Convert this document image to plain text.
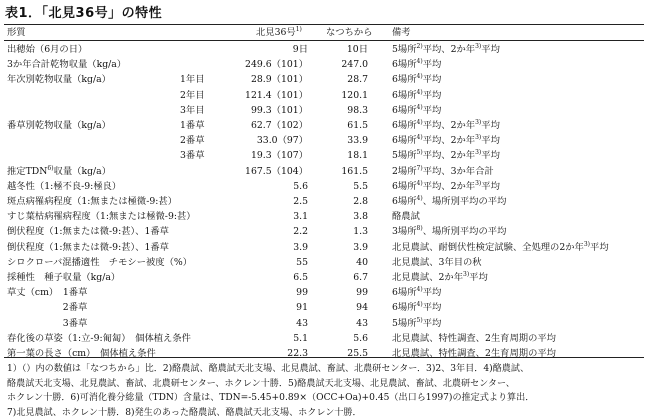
表1．「北見36号」の特性
形質	北見36号$^{1)}$	なつちから 備考
出穂始（6月の日）	9日	10日	5場所$^{2)}$平均、2か年$^{3)}$平均
3か年合計乾物収量（kg/a）	249.6（101）	247.0	6場所$^{4)}$平均
年次別乾物収量（kg/a）	1年目	28.9（101）	28.7	6場所$^{4)}$平均
2年目	121.4（101）	120.1	6場所$^{4)}$平均
3年目	99.3（101）	98.3	6場所$^{4)}$平均
番草別乾物収量（kg/a）	1番草	62.7（102）	61.5	6場所$^{4)}$平均、2か年$^{3)}$平均
2番草	33.0（97）	33.9	6場所$^{4)}$平均、2か年$^{3)}$平均
3番草	19.3（107）	18.1	5場所$^{5)}$平均、2か年$^{3)}$平均
推定TDN$^{6)}$収量（kg/a）	167.5（104）	161.5	2場所$^{7)}$平均、3か年合計
越冬性（1:極不良-9:極良）	5.6	5.5	6場所$^{4)}$平均、2か年$^{3)}$平均
斑点病罹病程度（1:無または極微-9:甚）	2.5	2.8	6場所$^{4)}$、場所別平均の平均
すじ葉枯病罹病程度（1:無または極微-9:甚）	3.1	3.8	酪農試
倒伏程度（1:無または微-9:甚）、1番草	2.2	1.3	3場所$^{8)}$、場所別平均の平均
倒伏程度（1:無または微-9:甚）、1番草	3.9	3.9	北見農試、耐倒伏性検定試験、全処理の2か年$^{3)}$平均
シロクローバ混播適性　チモシー被度（%）	55	40	北見農試、3年目の秋
採種性　種子収量（kg/a）	6.5	6.7	北見農試、2か年$^{3)}$平均
草丈（cm）　1番草	99	99	6場所$^{4)}$平均
　　　　　　2番草	91	94	6場所$^{4)}$平均
　　　　　　3番草	43	43	5場所$^{5)}$平均
春化後の草姿（1:立-9:匍匐）　個体植え条件	5.1	5.6	北見農試、特性調査、2生育周期の平均
第一葉の長さ（cm）　個体植え条件	22.3	25.5	北見農試、特性調査、2生育周期の平均
1）（）内の数値は「なつちから」比．2)酪農試、酪農試天北支場、北見農試、畜試、北農研センター．3)2、3年目．4)酪農試、
酪農試天北支場、北見農試、畜試、北農研センター、ホクレン十勝．5)酪農試天北支場、北見農試、畜試、北農研センター、
ホクレン十勝．6)可消化養分総量（TDN）含量は、TDN=-5.45+0.89×（OCC+Oa)+0.45（出口ら1997)の推定式より算出．
7)北見農試、ホクレン十勝．8)発生のあった酪農試、酪農試天北支場、ホクレン十勝．
